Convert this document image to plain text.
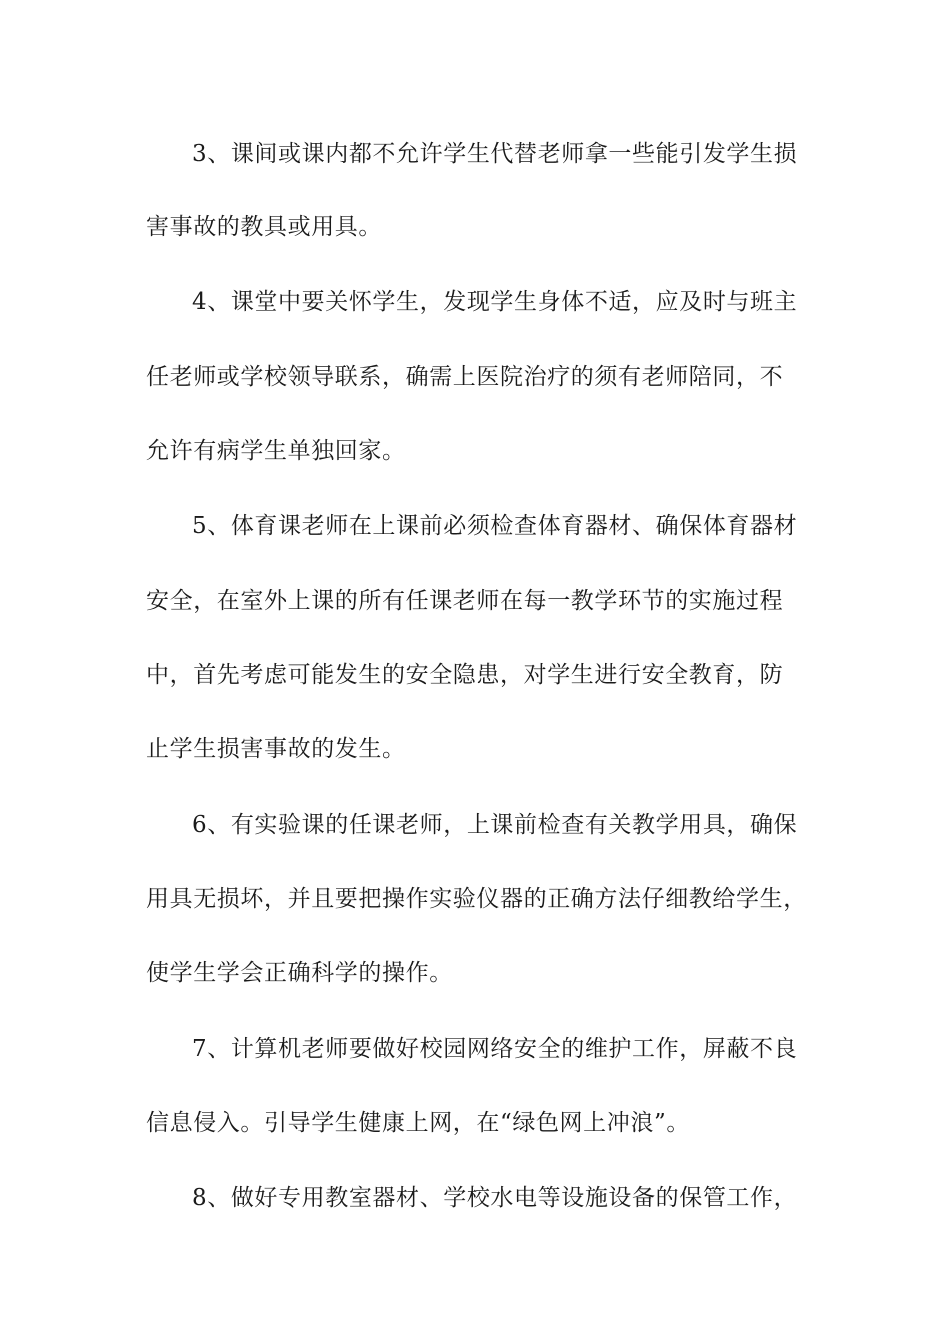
3、课间或课内都不允许学生代替老师拿一些能引发学生损
害事故的教具或用具。
4、课堂中要关怀学生，发现学生身体不适，应及时与班主
任老师或学校领导联系，确需上医院治疗的须有老师陪同，不
允许有病学生单独回家。
5、体育课老师在上课前必须检查体育器材、确保体育器材
安全，在室外上课的所有任课老师在每一教学环节的实施过程
中，首先考虑可能发生的安全隐患，对学生进行安全教育，防
止学生损害事故的发生。
6、有实验课的任课老师，上课前检查有关教学用具，确保
用具无损坏，并且要把操作实验仪器的正确方法仔细教给学生，
使学生学会正确科学的操作。
7、计算机老师要做好校园网络安全的维护工作，屏蔽不良
信息侵入。引导学生健康上网，在“绿色网上冲浪”。
8、做好专用教室器材、学校水电等设施设备的保管工作，
